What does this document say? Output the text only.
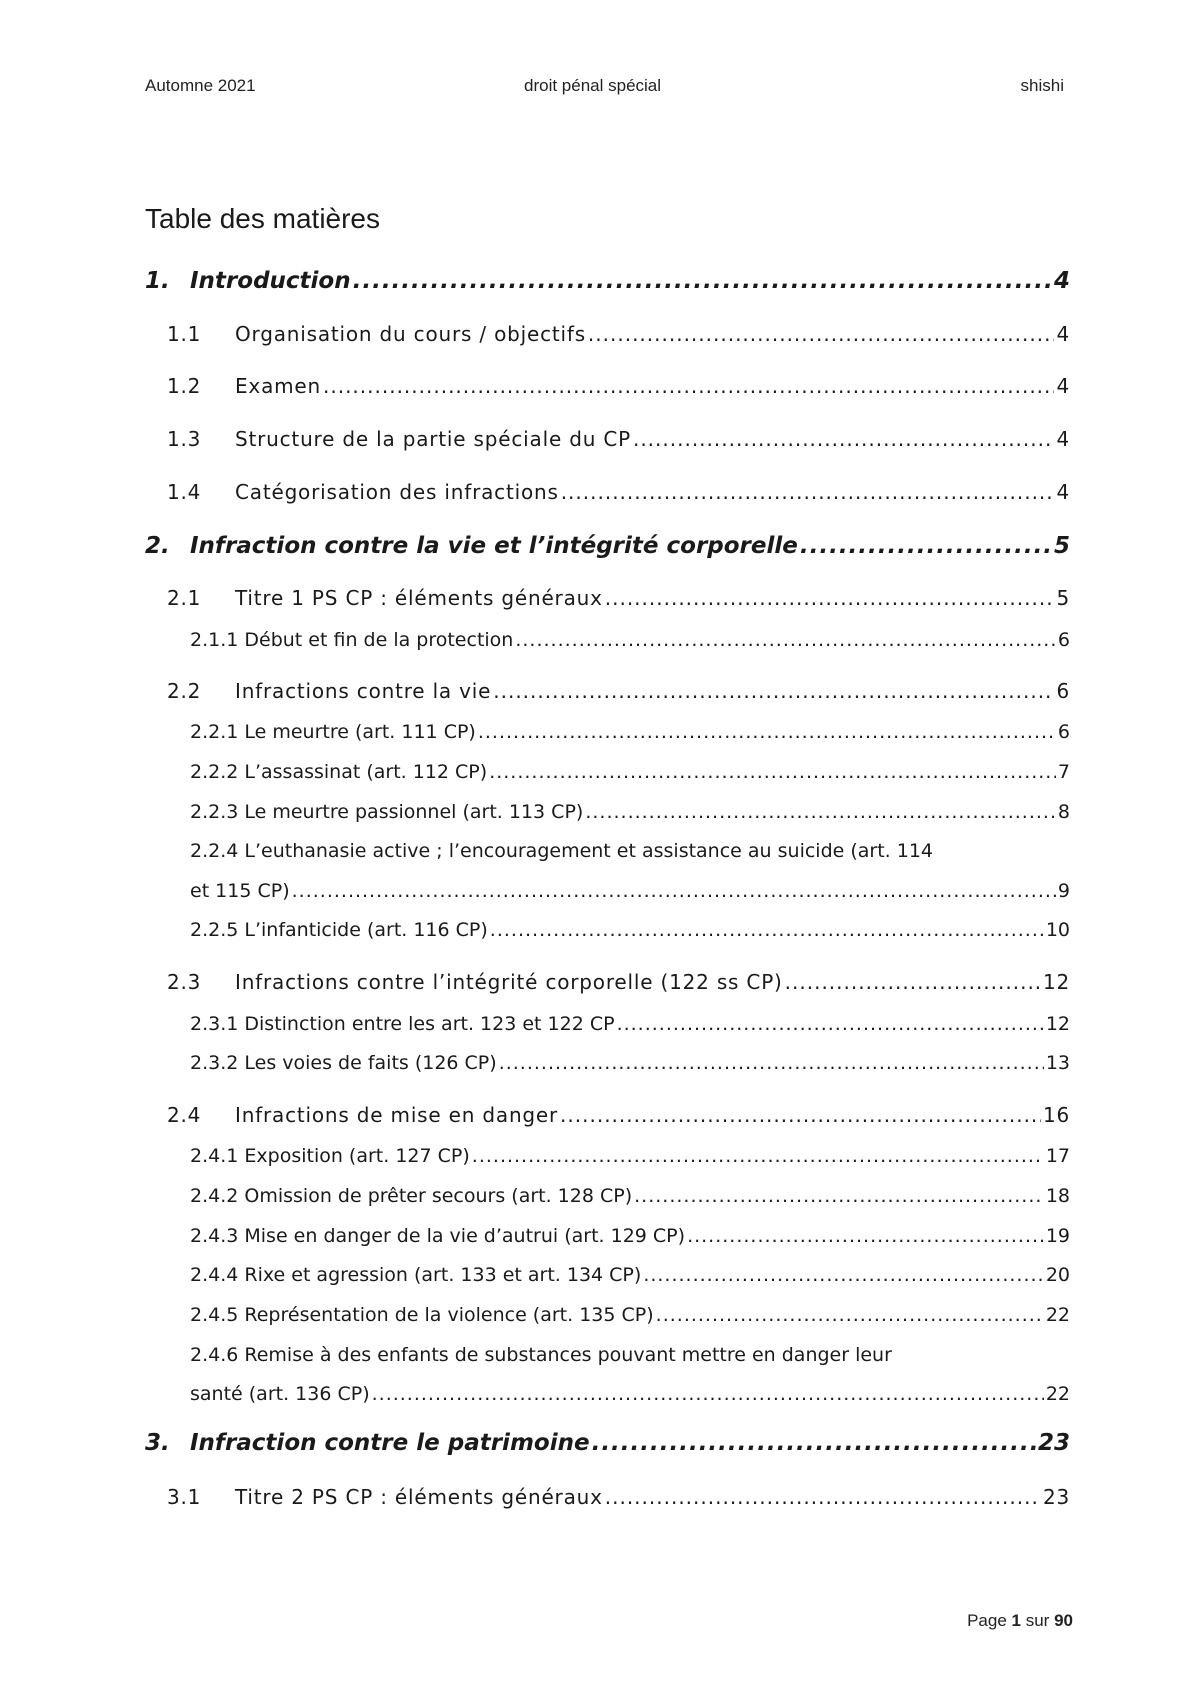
Automne 2021	droit pénal spécial	shishi
Table des matières
1. Introduction .....	4
1.1	Organisation du cours / objectifs .....	4
1.2	Examen .....	4
1.3	Structure de la partie spéciale du CP .....	4
1.4	Catégorisation des infractions .....	4
2. Infraction contre la vie et l’intégrité corporelle .....	5
2.1	Titre 1 PS CP : éléments généraux .....	5
2.1.1 Début et fin de la protection .....	6
2.2	Infractions contre la vie .....	6
2.2.1 Le meurtre (art. 111 CP) .....	6
2.2.2 L’assassinat (art. 112 CP) .....	7
2.2.3 Le meurtre passionnel (art. 113 CP) .....	8
2.2.4 L’euthanasie active ; l’encouragement et assistance au suicide (art. 114
et 115 CP) .....	9
2.2.5 L’infanticide (art. 116 CP) .....	10
2.3	Infractions contre l’intégrité corporelle (122 ss CP) .....	12
2.3.1 Distinction entre les art. 123 et 122 CP .....	12
2.3.2 Les voies de faits (126 CP) .....	13
2.4	Infractions de mise en danger .....	16
2.4.1 Exposition (art. 127 CP) .....	17
2.4.2 Omission de prêter secours (art. 128 CP) .....	18
2.4.3 Mise en danger de la vie d’autrui (art. 129 CP) .....	19
2.4.4 Rixe et agression (art. 133 et art. 134 CP) .....	20
2.4.5 Représentation de la violence (art. 135 CP) .....	22
2.4.6 Remise à des enfants de substances pouvant mettre en danger leur
santé (art. 136 CP) .....	22
3. Infraction contre le patrimoine .....	23
3.1	Titre 2 PS CP : éléments généraux .....	23
Page 1 sur 90
